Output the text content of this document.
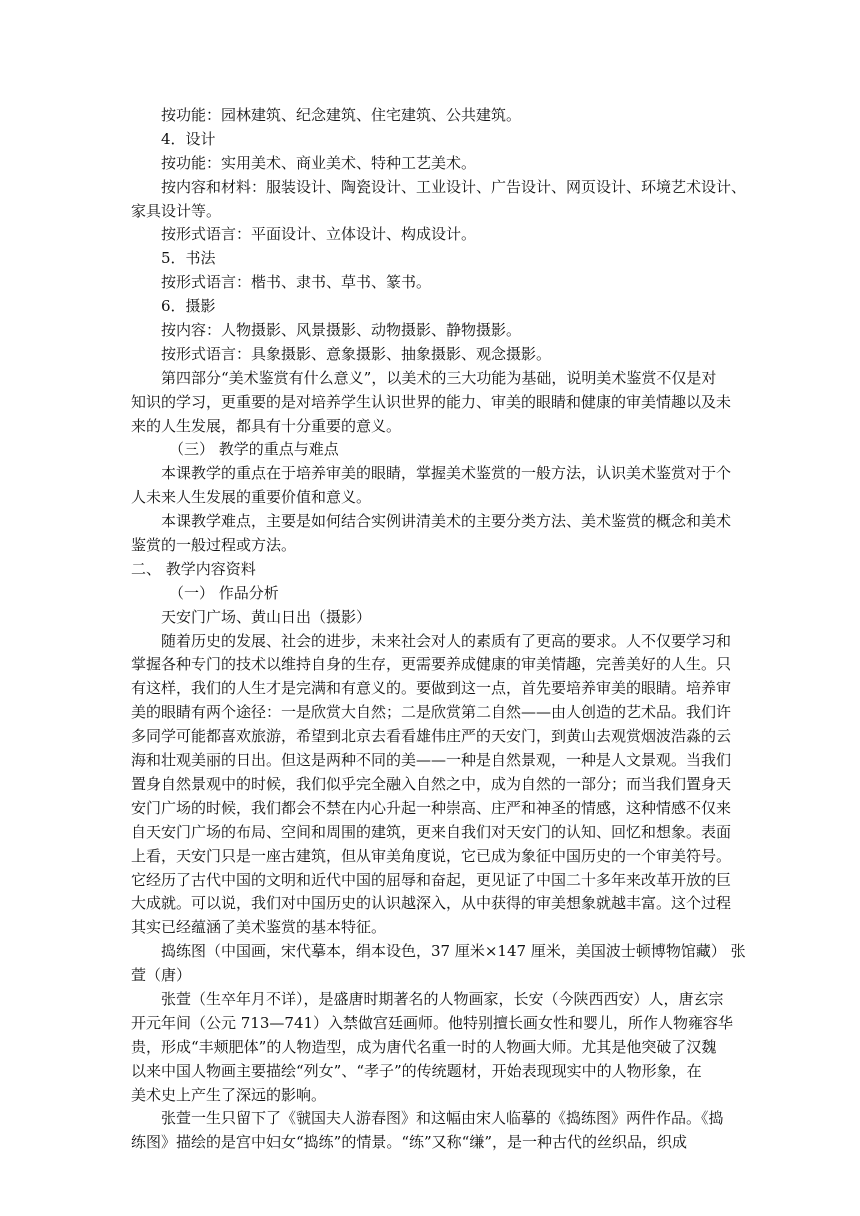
按功能：园林建筑、纪念建筑、住宅建筑、公共建筑。
4．设计
按功能：实用美术、商业美术、特种工艺美术。
按内容和材料：服装设计、陶瓷设计、工业设计、广告设计、网页设计、环境艺术设计、
家具设计等。
按形式语言：平面设计、立体设计、构成设计。
5．书法
按形式语言：楷书、隶书、草书、篆书。
6．摄影
按内容：人物摄影、风景摄影、动物摄影、静物摄影。
按形式语言：具象摄影、意象摄影、抽象摄影、观念摄影。
第四部分“美术鉴赏有什么意义”，以美术的三大功能为基础，说明美术鉴赏不仅是对
知识的学习，更重要的是对培养学生认识世界的能力、审美的眼睛和健康的审美情趣以及未
来的人生发展，都具有十分重要的意义。
（三） 教学的重点与难点
本课教学的重点在于培养审美的眼睛，掌握美术鉴赏的一般方法，认识美术鉴赏对于个
人未来人生发展的重要价值和意义。
本课教学难点，主要是如何结合实例讲清美术的主要分类方法、美术鉴赏的概念和美术
鉴赏的一般过程或方法。
二、 教学内容资料
（一） 作品分析
天安门广场、黄山日出（摄影）
随着历史的发展、社会的进步，未来社会对人的素质有了更高的要求。人不仅要学习和
掌握各种专门的技术以维持自身的生存，更需要养成健康的审美情趣，完善美好的人生。只
有这样，我们的人生才是完满和有意义的。要做到这一点，首先要培养审美的眼睛。培养审
美的眼睛有两个途径：一是欣赏大自然；二是欣赏第二自然——由人创造的艺术品。我们许
多同学可能都喜欢旅游，希望到北京去看看雄伟庄严的天安门，到黄山去观赏烟波浩淼的云
海和壮观美丽的日出。但这是两种不同的美——一种是自然景观，一种是人文景观。当我们
置身自然景观中的时候，我们似乎完全融入自然之中，成为自然的一部分；而当我们置身天
安门广场的时候，我们都会不禁在内心升起一种崇高、庄严和神圣的情感，这种情感不仅来
自天安门广场的布局、空间和周围的建筑，更来自我们对天安门的认知、回忆和想象。表面
上看，天安门只是一座古建筑，但从审美角度说，它已成为象征中国历史的一个审美符号。
它经历了古代中国的文明和近代中国的屈辱和奋起，更见证了中国二十多年来改革开放的巨
大成就。可以说，我们对中国历史的认识越深入，从中获得的审美想象就越丰富。这个过程
其实已经蕴涵了美术鉴赏的基本特征。
捣练图（中国画，宋代摹本，绢本设色，37 厘米×147 厘米，美国波士顿博物馆藏） 张
萱（唐）
张萱（生卒年月不详），是盛唐时期著名的人物画家，长安（今陕西西安）人，唐玄宗
开元年间（公元 713—741）入禁做宫廷画师。他特别擅长画女性和婴儿，所作人物雍容华
贵，形成“丰颊肥体”的人物造型，成为唐代名重一时的人物画大师。尤其是他突破了汉魏
以来中国人物画主要描绘“列女”、“孝子”的传统题材，开始表现现实中的人物形象，在
美术史上产生了深远的影响。
张萱一生只留下了《虢国夫人游春图》和这幅由宋人临摹的《捣练图》两件作品。《捣
练图》描绘的是宫中妇女“捣练”的情景。“练”又称“缣”，是一种古代的丝织品，织成
